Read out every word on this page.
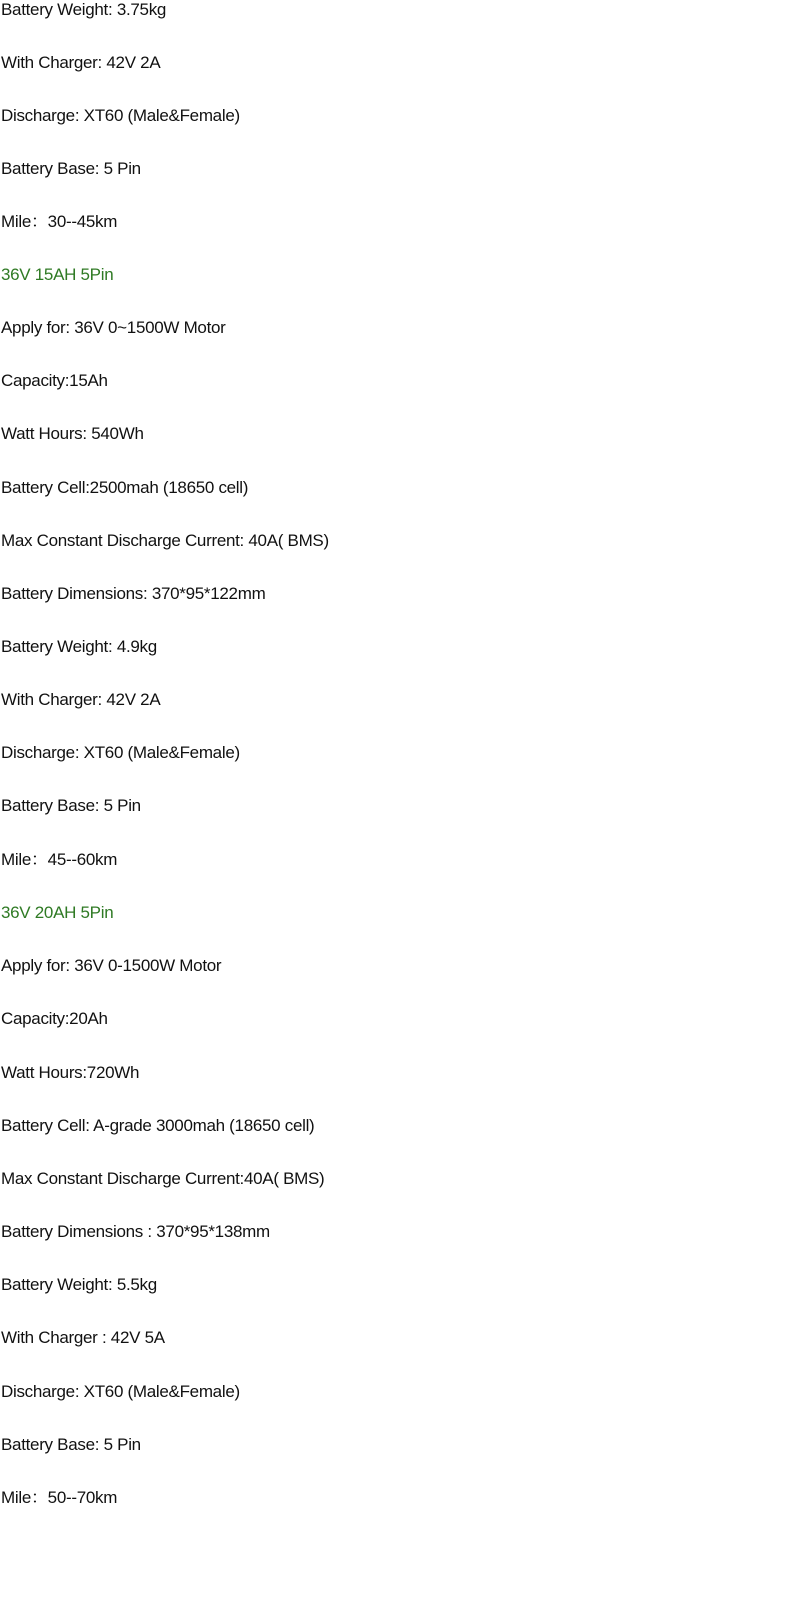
Battery Weight: 3.75kg
With Charger: 42V 2A
Discharge: XT60 (Male&Female)
Battery Base: 5 Pin
Mile：30--45km
36V 15AH 5Pin
Apply for: 36V 0~1500W Motor
Capacity:15Ah
Watt Hours: 540Wh
Battery Cell:2500mah (18650 cell)
Max Constant Discharge Current: 40A( BMS)
Battery Dimensions: 370*95*122mm
Battery Weight: 4.9kg
With Charger: 42V 2A
Discharge: XT60 (Male&Female)
Battery Base: 5 Pin
Mile：45--60km
36V 20AH 5Pin
Apply for: 36V 0-1500W Motor
Capacity:20Ah
Watt Hours:720Wh
Battery Cell: A-grade 3000mah (18650 cell)
Max Constant Discharge Current:40A( BMS)
Battery Dimensions : 370*95*138mm
Battery Weight: 5.5kg
With Charger : 42V 5A
Discharge: XT60 (Male&Female)
Battery Base: 5 Pin
Mile：50--70km
